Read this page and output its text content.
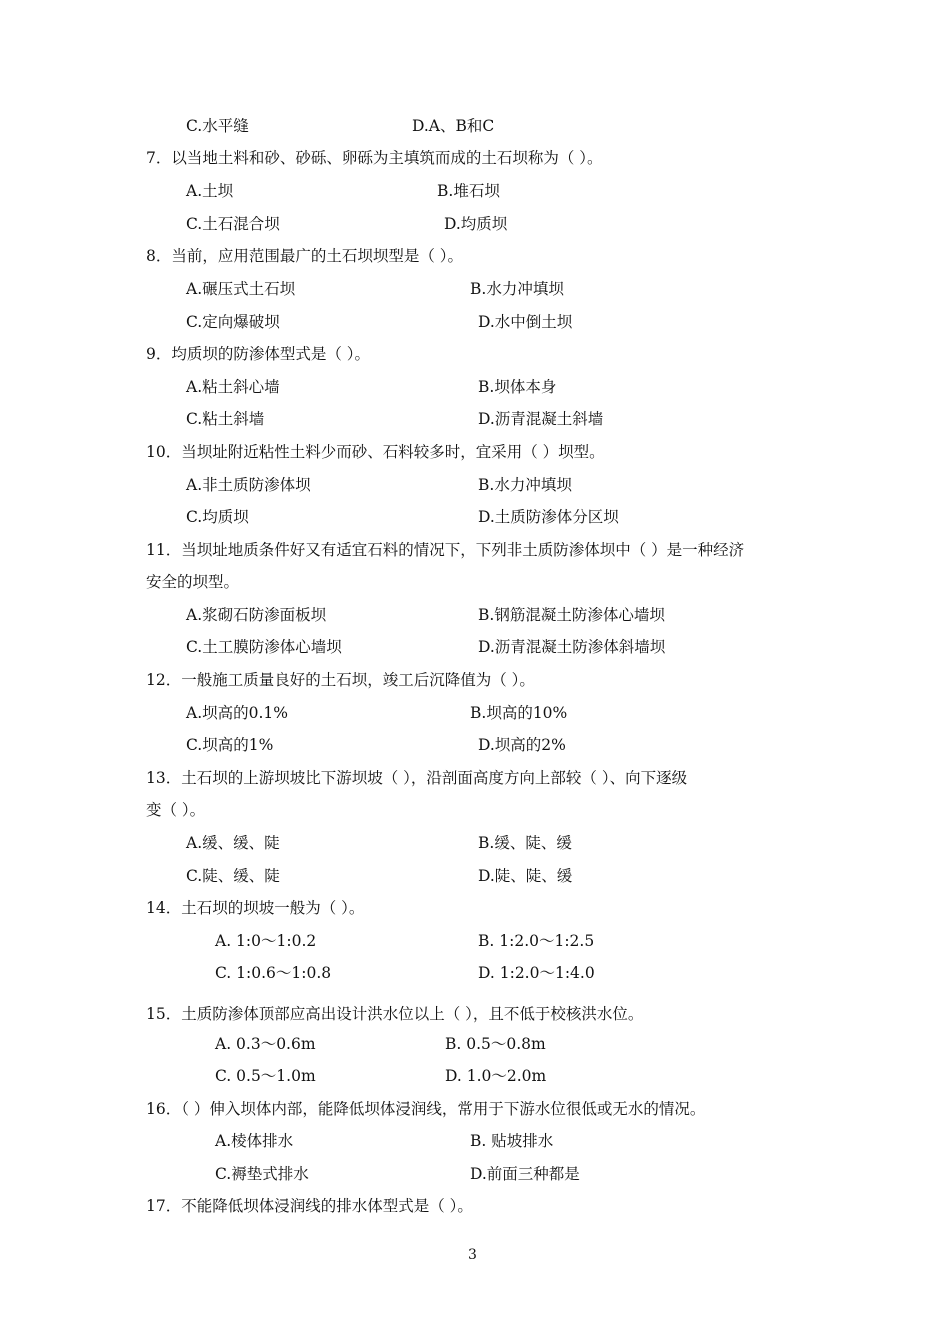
C.水平缝	D.A、B和C
7．以当地土料和砂、砂砾、卵砾为主填筑而成的土石坝称为（ ）。
A.土坝	B.堆石坝
C.土石混合坝	D.均质坝
8．当前，应用范围最广的土石坝坝型是（ ）。
A.碾压式土石坝	B.水力冲填坝
C.定向爆破坝	D.水中倒土坝
9．均质坝的防渗体型式是（ ）。
A.粘土斜心墙	B.坝体本身
C.粘土斜墙	D.沥青混凝土斜墙
10．当坝址附近粘性土料少而砂、石料较多时，宜采用（ ）坝型。
A.非土质防渗体坝	B.水力冲填坝
C.均质坝	D.土质防渗体分区坝
11．当坝址地质条件好又有适宜石料的情况下，下列非土质防渗体坝中（ ）是一种经济
安全的坝型。
A.浆砌石防渗面板坝	B.钢筋混凝土防渗体心墙坝
C.土工膜防渗体心墙坝	D.沥青混凝土防渗体斜墙坝
12．一般施工质量良好的土石坝，竣工后沉降值为（ ）。
A.坝高的0.1%	B.坝高的10%
C.坝高的1%	D.坝高的2%
13．土石坝的上游坝坡比下游坝坡（ ），沿剖面高度方向上部较（ ）、向下逐级
变（ ）。
A.缓、缓、陡	B.缓、陡、缓
C.陡、缓、陡	D.陡、陡、缓
14．土石坝的坝坡一般为（ ）。
A. 1:0～1:0.2	B. 1:2.0～1:2.5
C. 1:0.6～1:0.8	D. 1:2.0～1:4.0
15．土质防渗体顶部应高出设计洪水位以上（ ），且不低于校核洪水位。
A. 0.3～0.6m	B. 0.5～0.8m
C. 0.5～1.0m	D. 1.0～2.0m
16．（ ）伸入坝体内部，能降低坝体浸润线，常用于下游水位很低或无水的情况。
A.棱体排水	B. 贴坡排水
C.褥垫式排水	D.前面三种都是
17．不能降低坝体浸润线的排水体型式是（ ）。
3
